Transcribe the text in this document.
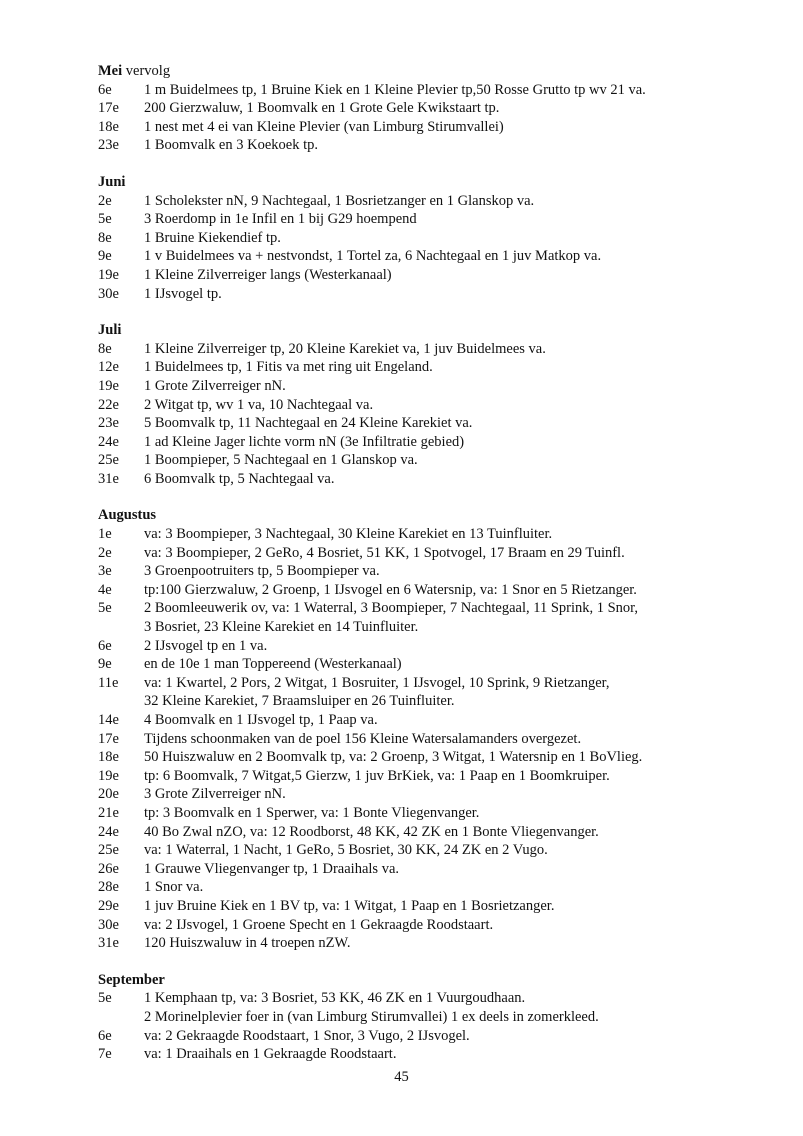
Mei vervolg
6e	1 m Buidelmees tp, 1 Bruine Kiek en 1 Kleine Plevier tp,50 Rosse Grutto tp wv 21 va.
17e	200 Gierzwaluw, 1 Boomvalk en 1 Grote Gele Kwikstaart tp.
18e	1 nest met 4 ei van Kleine Plevier (van Limburg Stirumvallei)
23e	1 Boomvalk en 3 Koekoek tp.
Juni
2e	1 Scholekster nN, 9 Nachtegaal, 1 Bosrietzanger en 1 Glanskop va.
5e	3 Roerdomp in 1e Infil en 1 bij G29 hoempend
8e	1 Bruine Kiekendief tp.
9e	1 v Buidelmees va + nestvondst, 1 Tortel za, 6 Nachtegaal en 1 juv Matkop va.
19e	1 Kleine Zilverreiger langs (Westerkanaal)
30e	1 IJsvogel tp.
Juli
8e	1 Kleine Zilverreiger tp, 20 Kleine Karekiet va, 1 juv Buidelmees va.
12e	1 Buidelmees tp, 1 Fitis va met ring uit Engeland.
19e	1 Grote Zilverreiger nN.
22e	2 Witgat tp, wv 1 va, 10 Nachtegaal va.
23e	5 Boomvalk tp, 11 Nachtegaal en 24 Kleine Karekiet va.
24e	1 ad Kleine Jager lichte vorm nN (3e Infiltratie gebied)
25e	1 Boompieper, 5 Nachtegaal en 1 Glanskop va.
31e	6 Boomvalk tp, 5 Nachtegaal va.
Augustus
1e	va: 3 Boompieper, 3 Nachtegaal, 30 Kleine Karekiet en 13 Tuinfluiter.
2e	va: 3 Boompieper, 2 GeRo, 4 Bosriet, 51 KK, 1 Spotvogel, 17 Braam en 29 Tuinfl.
3e	3 Groenpootruiters tp, 5 Boompieper va.
4e	tp:100 Gierzwaluw, 2 Groenp, 1 IJsvogel en 6 Watersnip, va: 1 Snor en 5 Rietzanger.
5e	2 Boomleeuwerik ov, va: 1 Waterral, 3 Boompieper, 7 Nachtegaal, 11 Sprink, 1 Snor,
3 Bosriet, 23 Kleine Karekiet en 14 Tuinfluiter.
6e	2 IJsvogel tp en 1 va.
9e	en de 10e 1 man Toppereend (Westerkanaal)
11e	va: 1 Kwartel, 2 Pors, 2 Witgat, 1 Bosruiter, 1 IJsvogel, 10 Sprink, 9 Rietzanger,
32 Kleine Karekiet, 7 Braamsluiper en 26 Tuinfluiter.
14e	4 Boomvalk en 1 IJsvogel tp, 1 Paap va.
17e	Tijdens schoonmaken van de poel 156 Kleine Watersalamanders overgezet.
18e	50 Huiszwaluw en 2 Boomvalk tp, va: 2 Groenp, 3 Witgat, 1 Watersnip en 1 BoVlieg.
19e	tp: 6 Boomvalk, 7 Witgat,5 Gierzw, 1 juv BrKiek, va: 1 Paap en 1 Boomkruiper.
20e	3 Grote Zilverreiger nN.
21e	tp: 3 Boomvalk en 1 Sperwer, va: 1 Bonte Vliegenvanger.
24e	40 Bo Zwal nZO, va: 12 Roodborst, 48 KK, 42 ZK en 1 Bonte Vliegenvanger.
25e	va: 1 Waterral, 1 Nacht, 1 GeRo, 5 Bosriet, 30 KK, 24 ZK en 2 Vugo.
26e	1 Grauwe Vliegenvanger tp, 1 Draaihals va.
28e	1 Snor va.
29e	1 juv Bruine Kiek en 1 BV tp, va: 1 Witgat, 1 Paap en 1 Bosrietzanger.
30e	va: 2 IJsvogel, 1 Groene Specht en 1 Gekraagde Roodstaart.
31e	120 Huiszwaluw in 4 troepen nZW.
September
5e	1 Kemphaan tp, va: 3 Bosriet, 53 KK, 46 ZK en 1 Vuurgoudhaan.
2 Morinelplevier foer in (van Limburg Stirumvallei) 1 ex deels in zomerkleed.
6e	va: 2 Gekraagde Roodstaart, 1 Snor, 3 Vugo, 2 IJsvogel.
7e	va: 1 Draaihals en 1 Gekraagde Roodstaart.
45
